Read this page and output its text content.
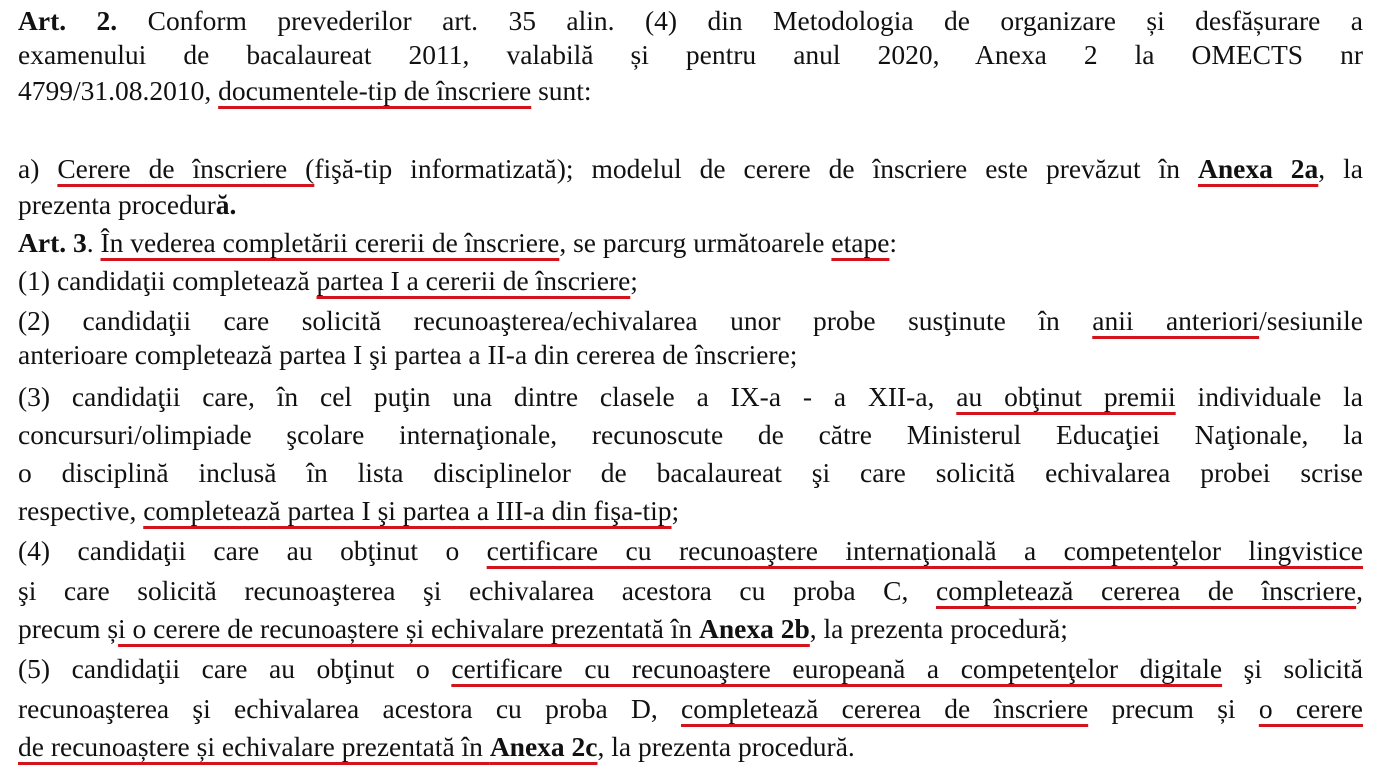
Art. 2. Conform prevederilor art. 35 alin. (4) din Metodologia de organizare și desfășurare a
examenului de bacalaureat 2011, valabilă și pentru anul 2020, Anexa 2 la OMECTS nr
4799/31.08.2010, documentele-tip de înscriere sunt:
a) Cerere de înscriere (fişă-tip informatizată); modelul de cerere de înscriere este prevăzut în Anexa 2a, la
prezenta procedură.
Art. 3. În vederea completării cererii de înscriere, se parcurg următoarele etape:
(1) candidaţii completează partea I a cererii de înscriere;
(2) candidaţii care solicită recunoaşterea/echivalarea unor probe susţinute în anii anteriori/sesiunile
anterioare completează partea I şi partea a II-a din cererea de înscriere;
(3) candidaţii care, în cel puţin una dintre clasele a IX-a - a XII-a, au obţinut premii individuale la
concursuri/olimpiade şcolare internaţionale, recunoscute de către Ministerul Educaţiei Naţionale, la
o disciplină inclusă în lista disciplinelor de bacalaureat şi care solicită echivalarea probei scrise
respective, completează partea I şi partea a III-a din fişa-tip;
(4) candidaţii care au obţinut o certificare cu recunoaştere internaţională a competenţelor lingvistice
şi care solicită recunoaşterea şi echivalarea acestora cu proba C, completează cererea de înscriere,
precum și o cerere de recunoaștere și echivalare prezentată în Anexa 2b, la prezenta procedură;
(5) candidaţii care au obţinut o certificare cu recunoaştere europeană a competenţelor digitale şi solicită
recunoaşterea şi echivalarea acestora cu proba D, completează cererea de înscriere precum și o cerere
de recunoaștere și echivalare prezentată în Anexa 2c, la prezenta procedură.
